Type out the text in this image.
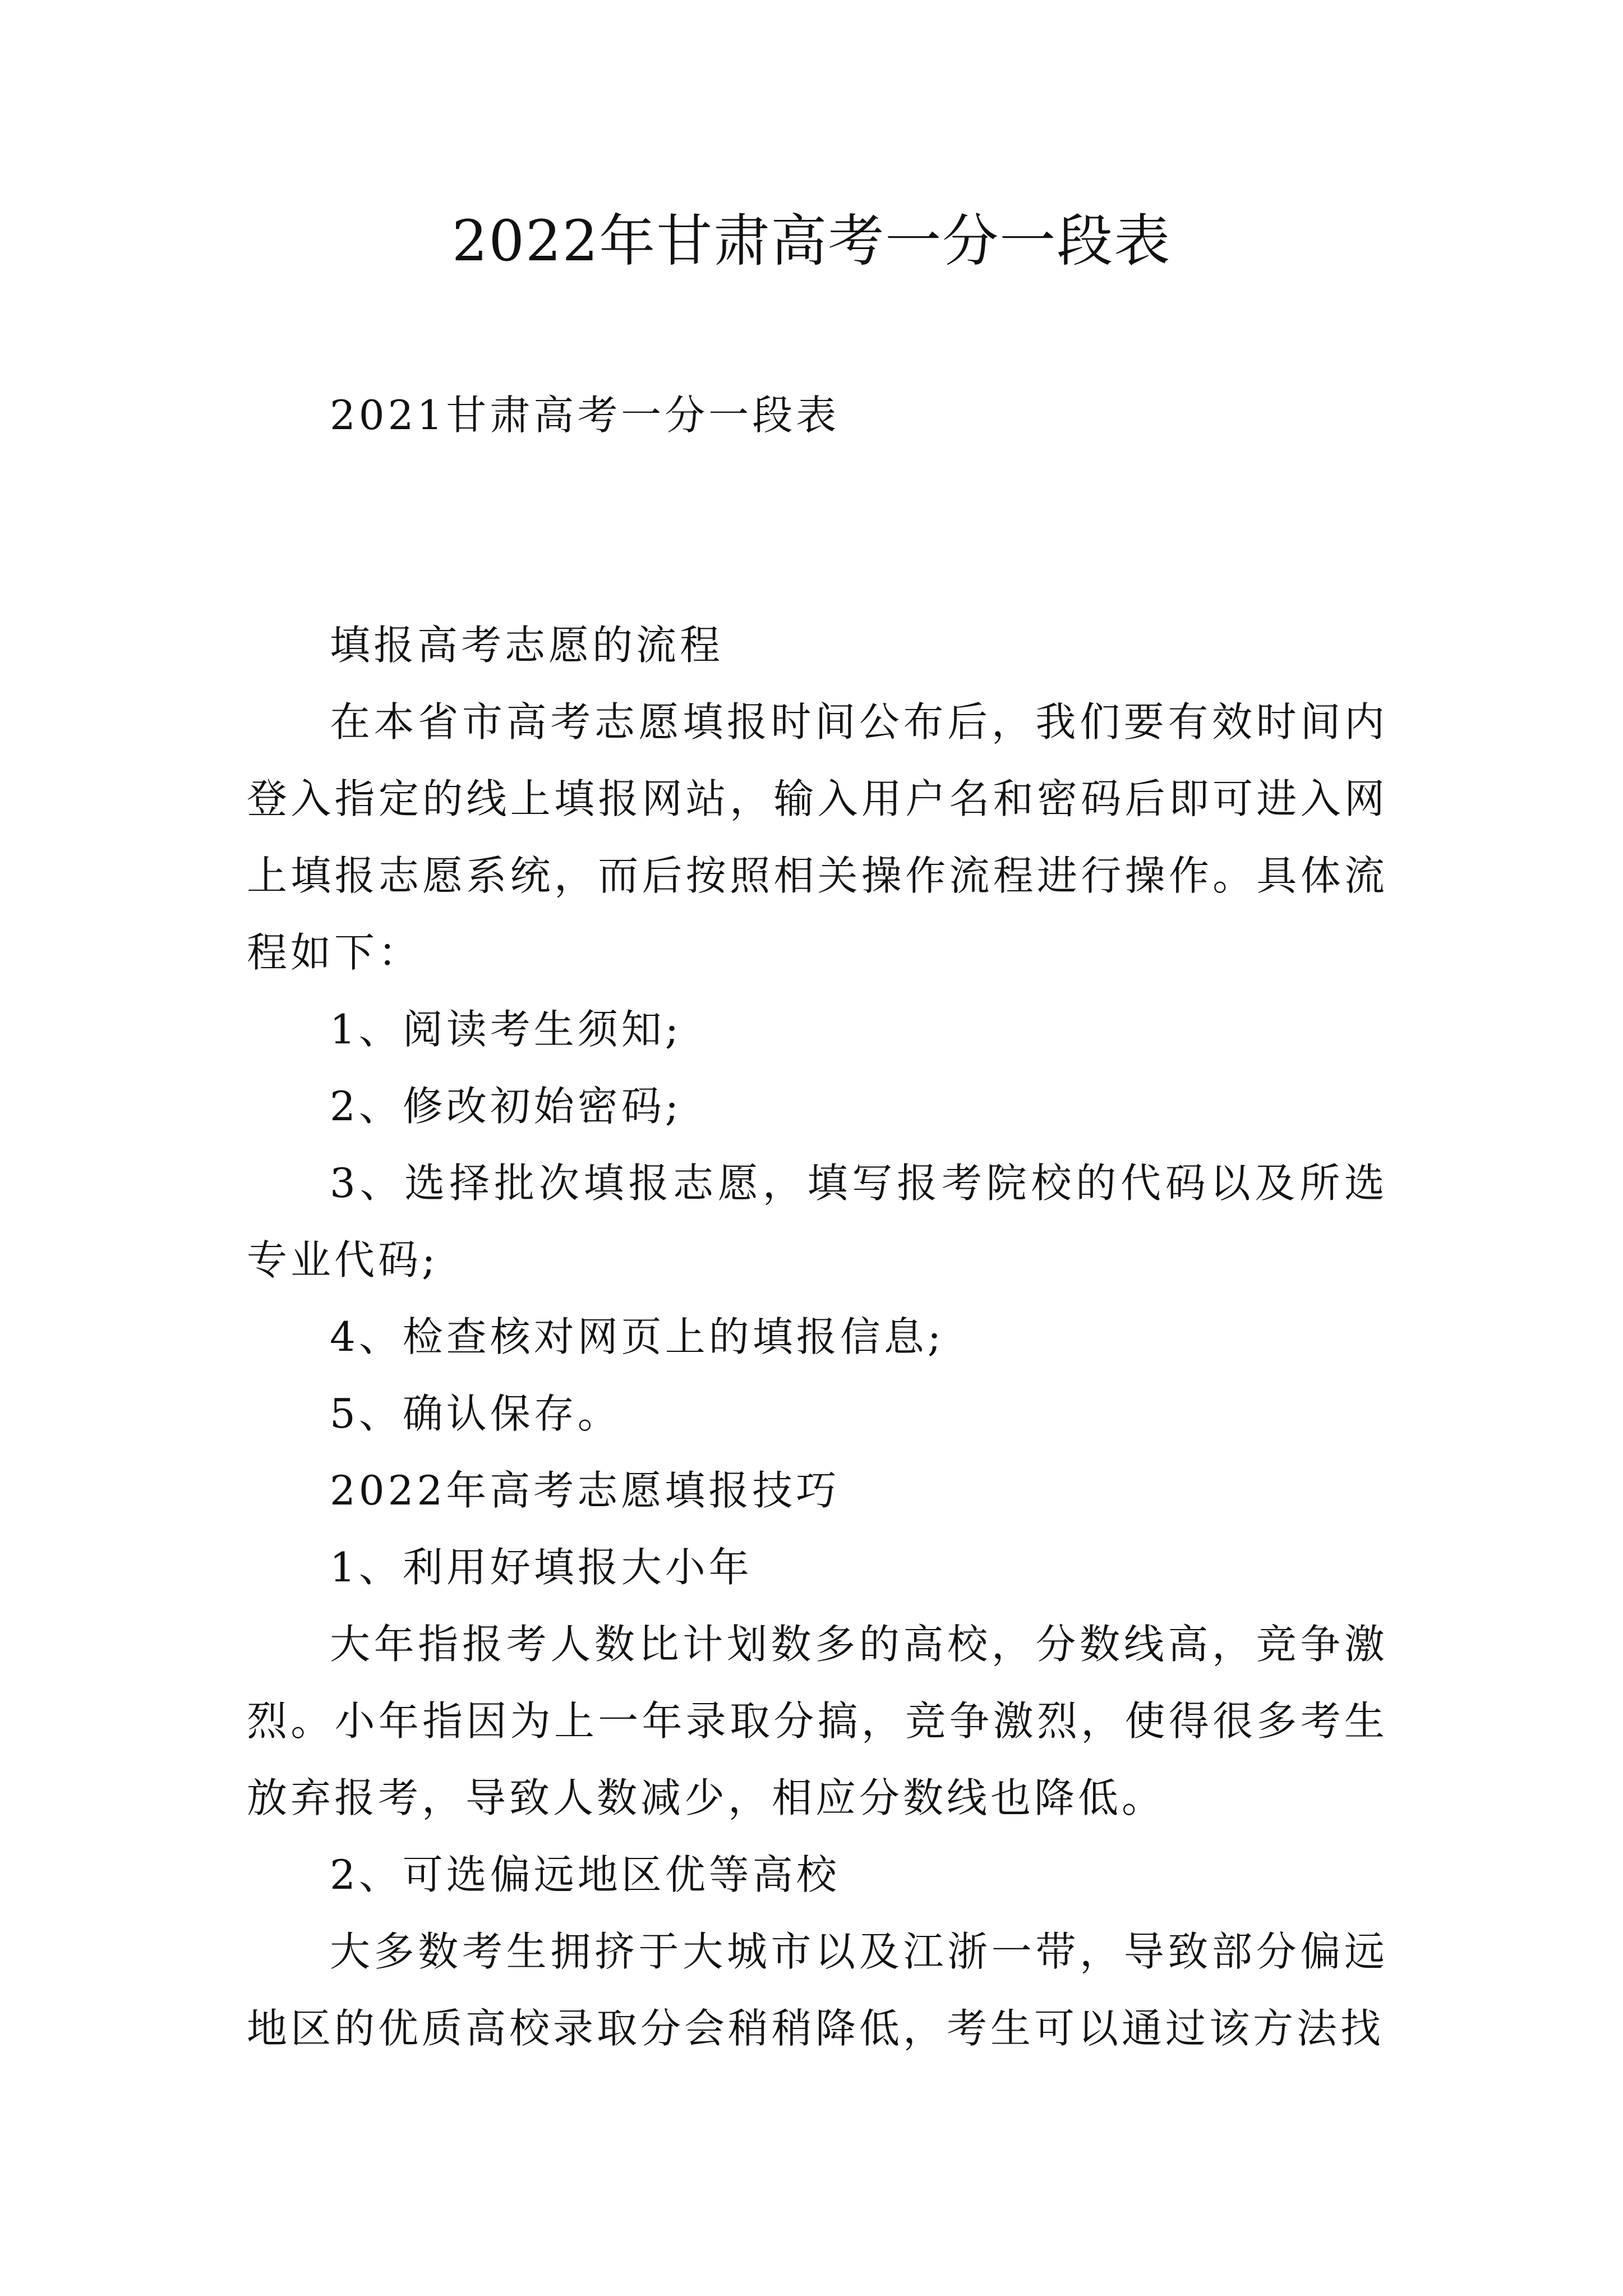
2022年甘肃高考一分一段表
2021甘肃高考一分一段表
填报高考志愿的流程
在本省市高考志愿填报时间公布后，我们要有效时间内登入指定的线上填报网站，输入用户名和密码后即可进入网上填报志愿系统，而后按照相关操作流程进行操作。具体流程如下：
1、阅读考生须知;
2、修改初始密码;
3、选择批次填报志愿，填写报考院校的代码以及所选专业代码;
4、检查核对网页上的填报信息;
5、确认保存。
2022年高考志愿填报技巧
1、利用好填报大小年
大年指报考人数比计划数多的高校，分数线高，竞争激烈。小年指因为上一年录取分搞，竞争激烈，使得很多考生放弃报考，导致人数减少，相应分数线也降低。
2、可选偏远地区优等高校
大多数考生拥挤于大城市以及江浙一带，导致部分偏远地区的优质高校录取分会稍稍降低，考生可以通过该方法找
